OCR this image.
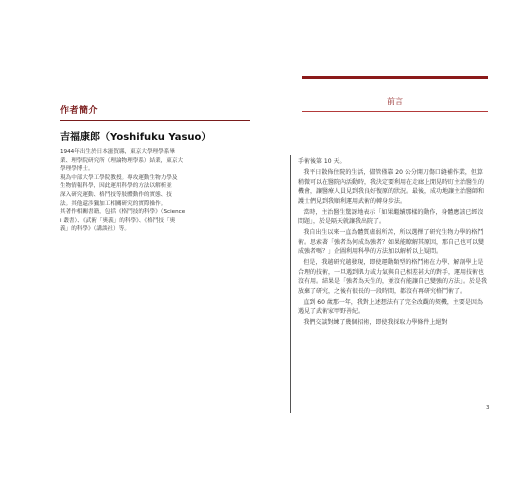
作者簡介
吉福康郎（Yoshifuku Yasuo）
1944年出生於日本滋賀縣，東京大學理學系畢
業、理學院研究所（理論物理學系）結業，東京大
學理學博士。
現為中部大學工學院教授。專攻運動生物力學及
生物情報科學，因此運用科學的方法以解析並
深入研究運動、格鬥技等肢體動作的實態、技
法。其他還涉獵加工相關研究的實際操作。
其著作相關書籍，包括《格鬥技的科學》（Science
i 叢書）、《武術「奧義」的科學》、《格鬥技「奧
義」的科學》（講談社）等。
前言

手術後第 10 天。

我平日散佈住院的生活，儘管僅靠 20 公分開刀傷口縫補作業，但算稍微可以在醫院內活動時，我決定要利用在走廊上閒晃時盯主治醫生的機會，讓醫療人員見到我良好復原的狀況。最後，成功地讓主治醫師和護士們見到我順利運用武術的轉身步法。

當時，主治醫生驚訝地表示「如果繼續那樣的動作，身體應該已經沒問題」，於是隔天就讓我出院了。

我自出生以來一直為體質虛弱所苦，所以選擇了研究生物力學的格鬥術。思索著「強者為何成為強者？如果能瞭解其原因，那自己也可以變成強者嗎？」企圖利用科學的方法加以解析以上疑問。

但是，我越研究越發現，即使運動類型的格鬥術在力學、解剖學上是合理的技術，一旦遇到肌力或力氣與自己相差甚大的對手，運用技術也沒有用。結果是「強者為天生的，並沒有能讓自己變強的方法」。於是我放棄了研究，之後有很長的一段時間，都沒有再研究格鬥術了。

直到 60 歲那一年，我對上述想法有了完全改觀的契機，主要是因為遇見了武術家甲野善紀。

我們交談對練了幾個招術，即使我採取力學條件上絕對

3
